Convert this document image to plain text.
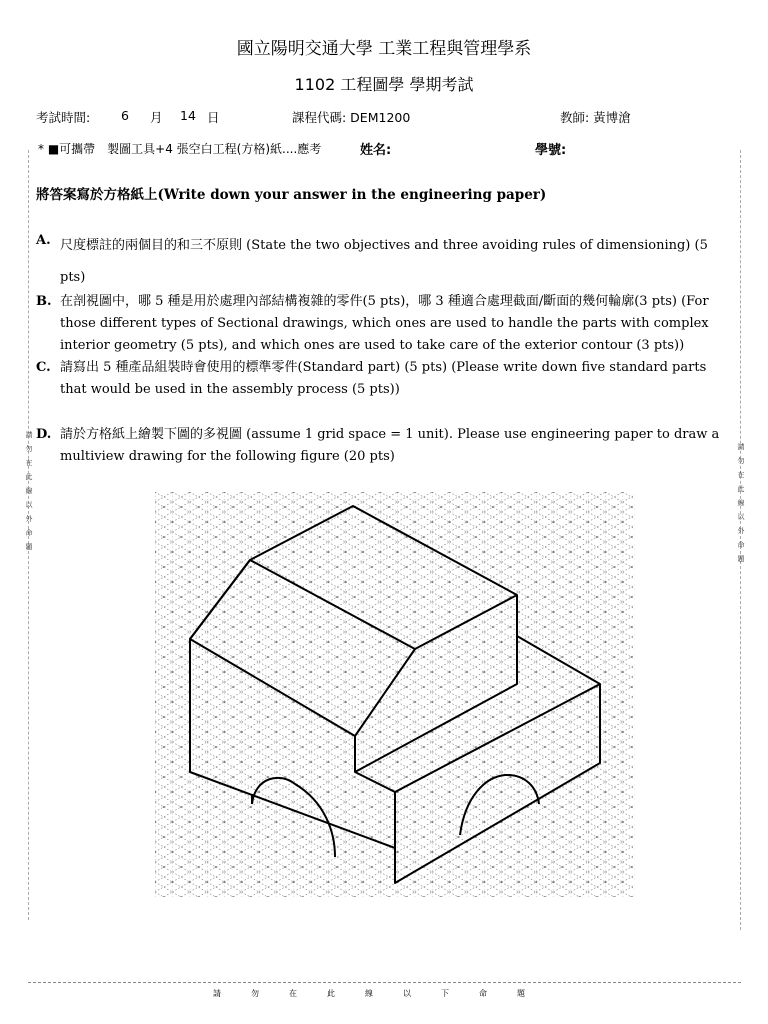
國立陽明交通大學 工業工程與管理學系
1102 工程圖學 學期考試
考試時間: 6 月 14 日	課程代碼: DEM1200	教師: 黃博滄
* ■可攜帶　製圖工具+4 張空白工程(方格)紙....應考	姓名:	學號:
將答案寫於方格紙上(Write down your answer in the engineering paper)
A. 尺度標註的兩個目的和三不原則 (State the two objectives and three avoiding rules of dimensioning) (5 pts)
B. 在剖視圖中，哪 5 種是用於處理內部結構複雜的零件(5 pts)，哪 3 種適合處理截面/斷面的幾何輪廓(3 pts) (For those different types of Sectional drawings, which ones are used to handle the parts with complex interior geometry (5 pts), and which ones are used to take care of the exterior contour (3 pts))
C. 請寫出 5 種產品組裝時會使用的標準零件(Standard part) (5 pts) (Please write down five standard parts that would be used in the assembly process (5 pts))
D. 請於方格紙上繪製下圖的多視圖 (assume 1 grid space = 1 unit). Please use engineering paper to draw a multiview drawing for the following figure (20 pts)
請勿在此線以外命題
請勿在此線以外命題
請勿在此線以下命題
